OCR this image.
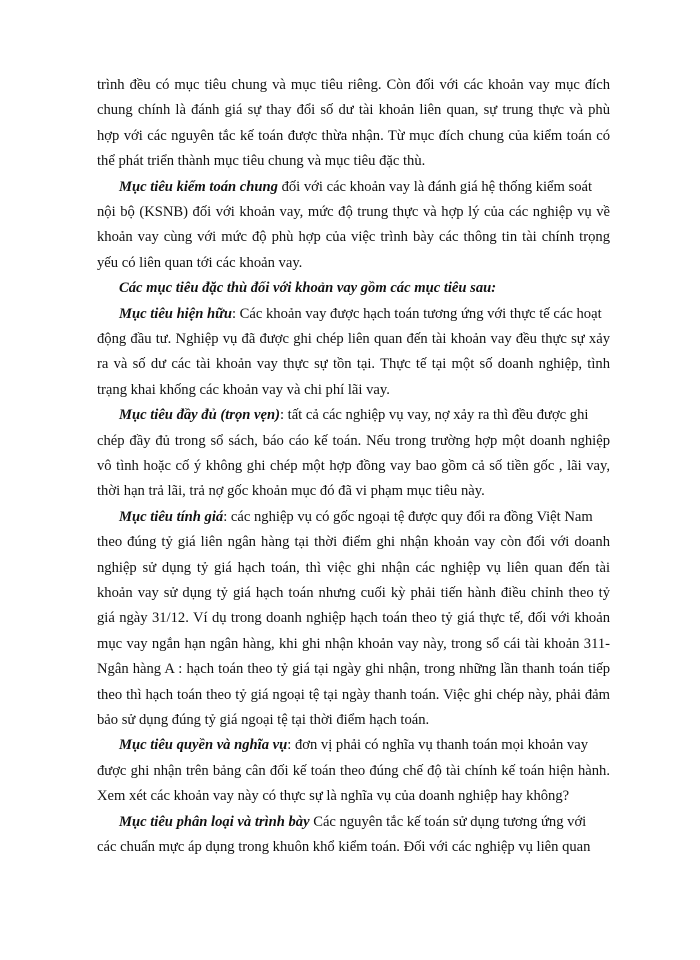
trình đều có mục tiêu chung và mục tiêu riêng. Còn đối với các khoản vay mục đích
chung chính là đánh giá sự thay đổi số dư tài khoản liên quan, sự trung thực và phù
hợp với các nguyên tắc kế toán được thừa nhận. Từ mục đích chung của kiểm toán có
thể phát triển thành mục tiêu chung và mục tiêu đặc thù.
Mục tiêu kiểm toán chung đối với các khoản vay là đánh giá hệ thống kiểm soát
nội bộ (KSNB) đối với khoản vay, mức độ trung thực và hợp lý của các nghiệp vụ về
khoản vay cùng với mức độ phù hợp của việc trình bày các thông tin tài chính trọng
yếu có liên quan tới các khoản vay.
Các mục tiêu đặc thù đối với khoản vay gồm các mục tiêu sau:
Mục tiêu hiện hữu: Các khoản vay được hạch toán tương ứng với thực tế các hoạt
động đầu tư. Nghiệp vụ đã được ghi chép liên quan đến tài khoản vay đều thực sự xảy
ra và số dư các tài khoản vay thực sự tồn tại. Thực tế tại một số doanh nghiệp, tình
trạng khai khống các khoản vay và chi phí lãi vay.
Mục tiêu đầy đủ (trọn vẹn): tất cả các nghiệp vụ vay, nợ xảy ra thì đều được ghi
chép đầy đủ trong sổ sách, báo cáo kế toán. Nếu trong trường hợp một doanh nghiệp
vô tình hoặc cố ý không ghi chép một hợp đồng vay bao gồm cả số tiền gốc , lãi vay,
thời hạn trả lãi, trả nợ gốc khoản mục đó đã vi phạm mục tiêu này.
Mục tiêu tính giá: các nghiệp vụ có gốc ngoại tệ được quy đổi ra đồng Việt Nam
theo đúng tỷ giá liên ngân hàng tại thời điểm ghi nhận khoản vay còn đối với doanh
nghiệp sử dụng tỷ giá hạch toán, thì việc ghi nhận các nghiệp vụ liên quan đến tài
khoản vay sử dụng tỷ giá hạch toán nhưng cuối kỳ phải tiến hành điều chỉnh theo tỷ
giá ngày 31/12. Ví dụ trong doanh nghiệp hạch toán theo tỷ giá thực tế, đối với khoản
mục vay ngắn hạn ngân hàng, khi ghi nhận khoản vay này, trong sổ cái tài khoản 311-
Ngân hàng A : hạch toán theo tỷ giá tại ngày ghi nhận, trong những lần thanh toán tiếp
theo thì hạch toán theo tỷ giá ngoại tệ tại ngày thanh toán. Việc ghi chép này, phải đảm
bảo sử dụng đúng tỷ giá ngoại tệ tại thời điểm hạch toán.
Mục tiêu quyền và nghĩa vụ: đơn vị phải có nghĩa vụ thanh toán mọi khoản vay
được ghi nhận trên bảng cân đối kế toán theo đúng chế độ tài chính kế toán hiện hành.
Xem xét các khoản vay này có thực sự là nghĩa vụ của doanh nghiệp hay không?
Mục tiêu phân loại và trình bày Các nguyên tắc kế toán sử dụng tương ứng với
các chuẩn mực áp dụng trong khuôn khổ kiểm toán. Đối với các nghiệp vụ liên quan
